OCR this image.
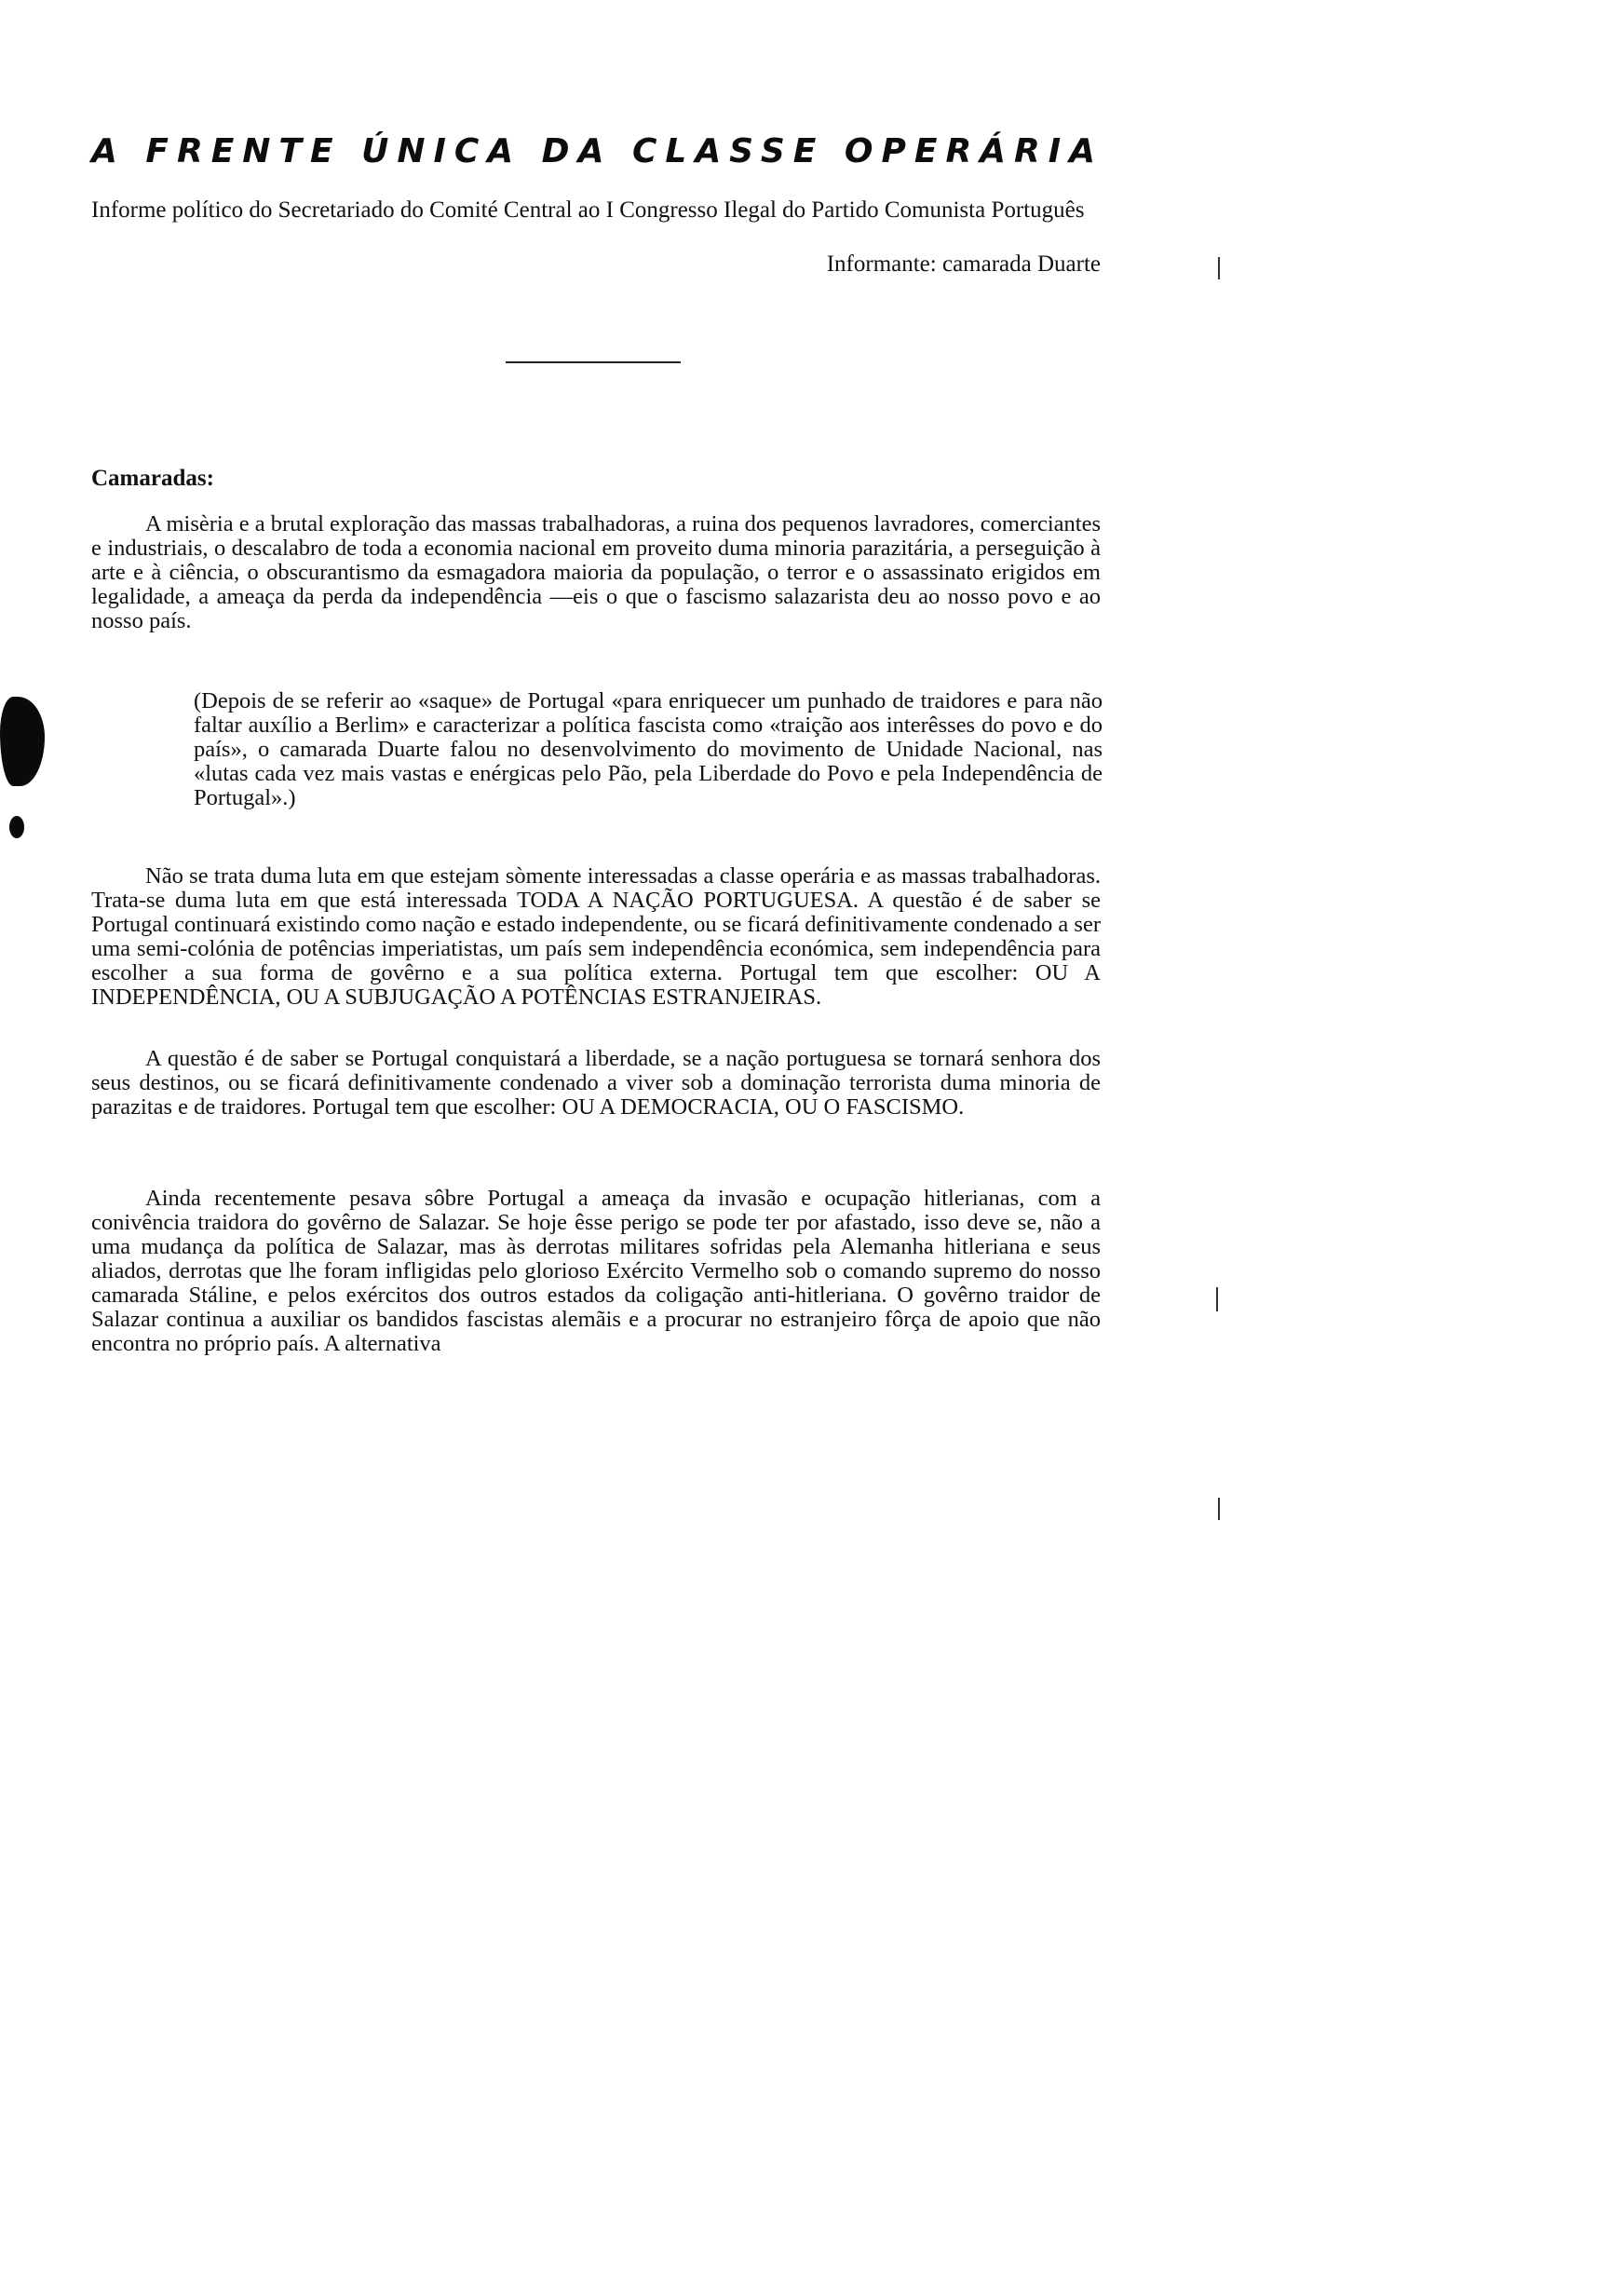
A FRENTE ÚNICA DA CLASSE OPERÁRIA

Informe político do Secretariado do Comité Central ao I Congresso Ilegal do Partido Comunista Português

Informante: camarada Duarte

Camaradas:

A misèria e a brutal exploração das massas trabalhadoras, a ruina dos pequenos lavradores, comerciantes e industriais, o descalabro de toda a economia nacional em proveito duma minoria parazitária, a perseguição à arte e à ciência, o obscurantismo da esmagadora maioria da população, o terror e o assassinato erigidos em legalidade, a ameaça da perda da independência —eis o que o fascismo salazarista deu ao nosso povo e ao nosso país.

(Depois de se referir ao «saque» de Portugal «para enriquecer um punhado de traidores e para não faltar auxílio a Berlim» e caracterizar a política fascista como «traição aos interêsses do povo e do país», o camarada Duarte falou no desenvolvimento do movimento de Unidade Nacional, nas «lutas cada vez mais vastas e enérgicas pelo Pão, pela Liberdade do Povo e pela Independência de Portugal».)

Não se trata duma luta em que estejam sòmente interessadas a classe operária e as massas trabalhadoras. Trata-se duma luta em que está interessada TODA A NAÇÃO PORTUGUESA. A questão é de saber se Portugal continuará existindo como nação e estado independente, ou se ficará definitivamente condenado a ser uma semi-colónia de potências imperiatistas, um país sem independência económica, sem independência para escolher a sua forma de govêrno e a sua política externa. Portugal tem que escolher: OU A INDEPENDÊNCIA, OU A SUBJUGAÇÃO A POTÊNCIAS ESTRANJEIRAS.

A questão é de saber se Portugal conquistará a liberdade, se a nação portuguesa se tornará senhora dos seus destinos, ou se ficará definitivamente condenado a viver sob a dominação terrorista duma minoria de parazitas e de traidores. Portugal tem que escolher: OU A DEMOCRACIA, OU O FASCISMO.

Ainda recentemente pesava sôbre Portugal a ameaça da invasão e ocupação hitlerianas, com a conivência traidora do govêrno de Salazar. Se hoje êsse perigo se pode ter por afastado, isso deve se, não a uma mudança da política de Salazar, mas às derrotas militares sofridas pela Alemanha hitleriana e seus aliados, derrotas que lhe foram infligidas pelo glorioso Exército Vermelho sob o comando supremo do nosso camarada Stáline, e pelos exércitos dos outros estados da coligação anti-hitleriana. O govêrno traidor de Salazar continua a auxiliar os bandidos fascistas alemãis e a procurar no estranjeiro fôrça de apoio que não encontra no próprio país. A alternativa
